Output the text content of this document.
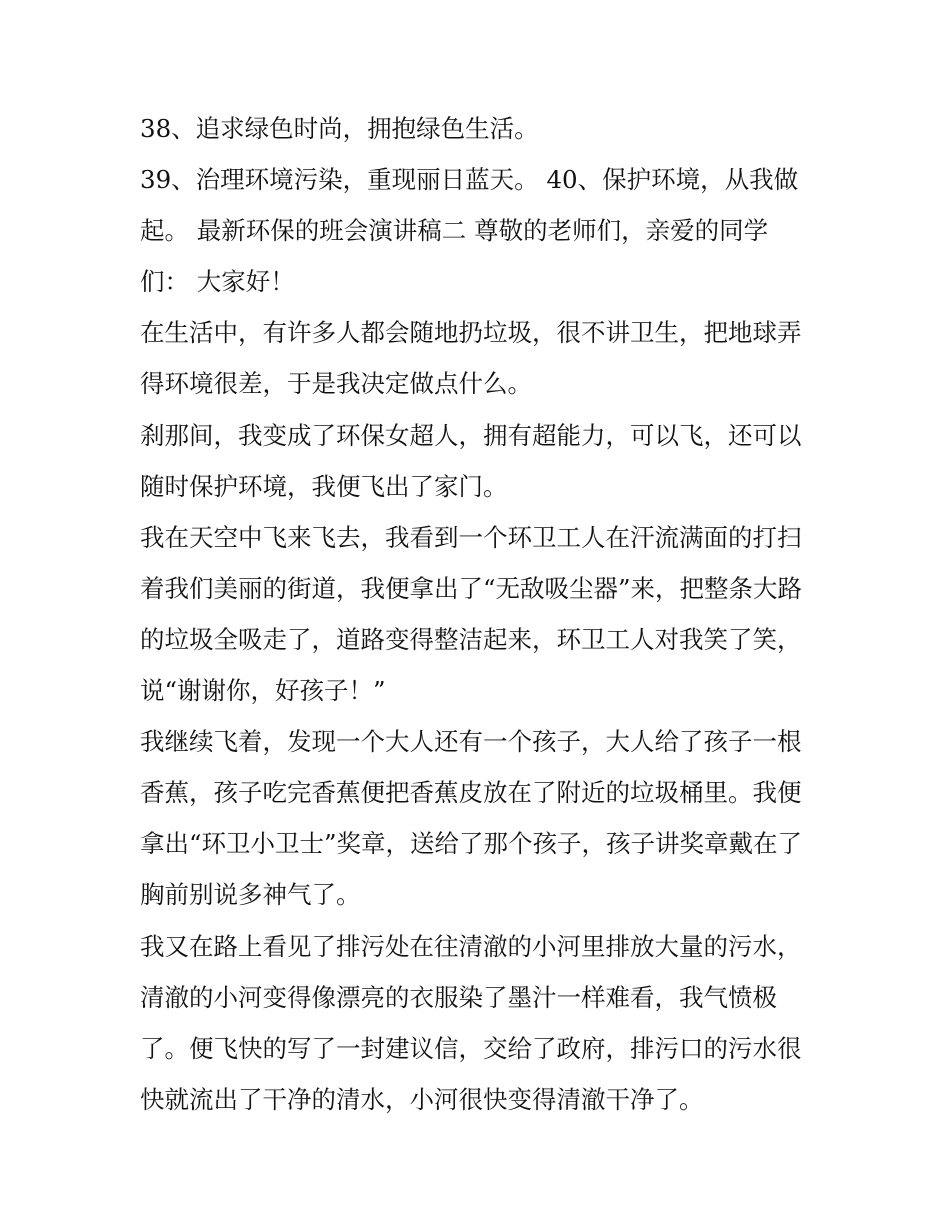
38、追求绿色时尚，拥抱绿色生活。
39、治理环境污染，重现丽日蓝天。 40、保护环境，从我做
起。 最新环保的班会演讲稿二 尊敬的老师们，亲爱的同学
们： 大家好！
在生活中，有许多人都会随地扔垃圾，很不讲卫生，把地球弄
得环境很差，于是我决定做点什么。
刹那间，我变成了环保女超人，拥有超能力，可以飞，还可以
随时保护环境，我便飞出了家门。
我在天空中飞来飞去，我看到一个环卫工人在汗流满面的打扫
着我们美丽的街道，我便拿出了“无敌吸尘器”来，把整条大路
的垃圾全吸走了，道路变得整洁起来，环卫工人对我笑了笑，
说“谢谢你，好孩子！”
我继续飞着，发现一个大人还有一个孩子，大人给了孩子一根
香蕉，孩子吃完香蕉便把香蕉皮放在了附近的垃圾桶里。我便
拿出“环卫小卫士”奖章，送给了那个孩子，孩子讲奖章戴在了
胸前别说多神气了。
我又在路上看见了排污处在往清澈的小河里排放大量的污水，
清澈的小河变得像漂亮的衣服染了墨汁一样难看，我气愤极
了。便飞快的写了一封建议信，交给了政府，排污口的污水很
快就流出了干净的清水，小河很快变得清澈干净了。
